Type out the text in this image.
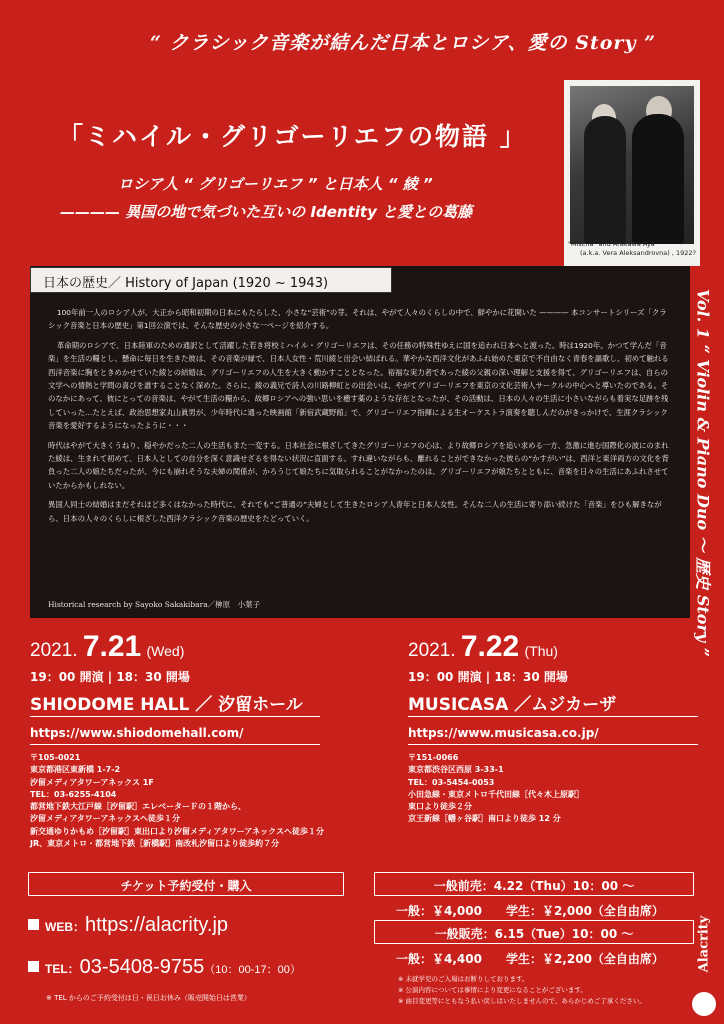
“ クラシック音楽が結んだ日本とロシア、愛の Story ”
「ミハイル・グリゴーリエフの物語 」
ロシア人 “ グリゴーリエフ ” と日本人 “ 綾 ”
———— 異国の地で気づいた互いの Identity と愛との葛藤
"Mischa" and Arakawa Aya
(a.k.a. Vera Aleksandrovna) , 1922?
Vol. 1 “ Violin & Piano Duo ～ 歴史 Story ”
日本の歴史／ History of Japan (1920 ~ 1943)

100年前一人のロシア人が、大正から昭和初期の日本にもたらした、小さな“芸術”の芽。それは、やがて人々のくらしの中で、鮮やかに花開いた ———— 本コンサートシリーズ「クラシック音楽と日本の歴史」第1回公演では、そんな歴史の小さな一ページを紹介する。

革命期のロシアで、日本陸軍のための通訳として活躍した若き将校ミハイル・グリゴーリエフは、その任務の特殊性ゆえに国を追われ日本へと渡った。時は1920年。かつて学んだ「音楽」を生活の糧とし、懸命に毎日を生きた彼は、その音楽が縁で、日本人女性・荒川綾と出会い結ばれる。華やかな西洋文化があふれ始めた東京で不自由なく青春を謳歌し、初めて触れる西洋音楽に胸をときめかせていた綾との結婚は、グリゴーリエフの人生を大きく動かすこととなった。裕福な実力者であった綾の父親の深い理解と支援を得て、グリゴーリエフは、自らの文学への情熱と学問の喜びを誰することなく深めた。さらに、綾の義兄で詩人の川路柳虹との出会いは、やがてグリゴーリエフを東京の文化芸術人サークルの中心へと導いたのである。そのなかにあって、彼にとっての音楽は、やがて生活の糧から、故郷ロシアへの強い思いを癒す薬のような存在となったが、その活動は、日本の人々の生活に小さいながらも着実な足跡を残していった…たとえば、政治思想家丸山眞男が、少年時代に通った映画館「新宿武蔵野館」で、グリゴーリエフ指揮による生オーケストラ演奏を聴しんだのがきっかけで、生涯クラシック音楽を愛好するようになったように・・・

時代はやがて大きくうねり、穏やかだった二人の生活もまた一変する。日本社会に根ざしてきたグリゴーリエフの心は、より故郷ロシアを追い求める一方、急激に進む国際化の波にのまれた綾は、生まれて初めて、日本人としての自分を深く意識せざるを得ない状況に直面する。すれ違いながらも、離れることができなかった彼らの“かすがい”は、西洋と東洋両方の文化を背負った二人の娘たちだったが、今にも崩れそうな夫婦の関係が、かろうじて娘たちに気取られることがなかったのは、グリゴーリエフが娘たちとともに、音楽を日々の生活にあふれさせていたからかもしれない。

異国人同士の結婚はまだそれほど多くはなかった時代に、それでも“ご普通の”夫婦として生きたロシア人青年と日本人女性。そんな二人の生活に寄り添い続けた「音楽」をひも解きながら、日本の人々のくらしに根ざした西洋クラシック音楽の歴史をたどっていく。

Historical research by Sayoko Sakakibara／榊原　小葉子
2021. 7.21 (Wed)
19：00 開演 | 18：30 開場
SHIODOME HALL ／ 汐留ホール
https://www.shiodomehall.com/
〒105-0021
東京都港区東新橋 1-7-2
汐留メディアタワーアネックス 1F
TEL：03-6255-4104
都営地下鉄大江戸線［汐留駅］エレベーターＦの１階から、
汐留メディアタワーアネックスへ徒歩１分
新交通ゆりかもめ［汐留駅］東出口より汐留メディアタワーアネックスへ徒歩１分
JR、東京メトロ・都営地下鉄［新橋駅］南改札汐留口より徒歩約７分
2021. 7.22 (Thu)
19：00 開演 | 18：30 開場
MUSICASA ／ムジカーザ
https://www.musicasa.co.jp/
〒151-0066
東京都渋谷区西原 3-33-1
TEL：03-5454-0053
小田急線・東京メトロ千代田線［代々木上原駅］
東口より徒歩２分
京王新線［幡ヶ谷駅］南口より徒歩 12 分
チケット予約受付・購入
WEB：https://alacrity.jp
TEL：03-5408-9755（10：00-17：00）
※ TEL からのご予約受付は日・祝日お休み（販売開始日は営業）
一般前売：4.22（Thu）10：00 ～
一般：￥4,000　　学生：￥2,000（全自由席）
一般販売：6.15（Tue）10：00 ～
一般：￥4,400　　学生：￥2,200（全自由席）
※ 未就学児のご入場はお断りしております。
※ 公演内容については事情により変更になることがございます。
※ 曲目変更等にともなう払い戻しはいたしませんので、あらかじめご了承ください。
Alacrity
